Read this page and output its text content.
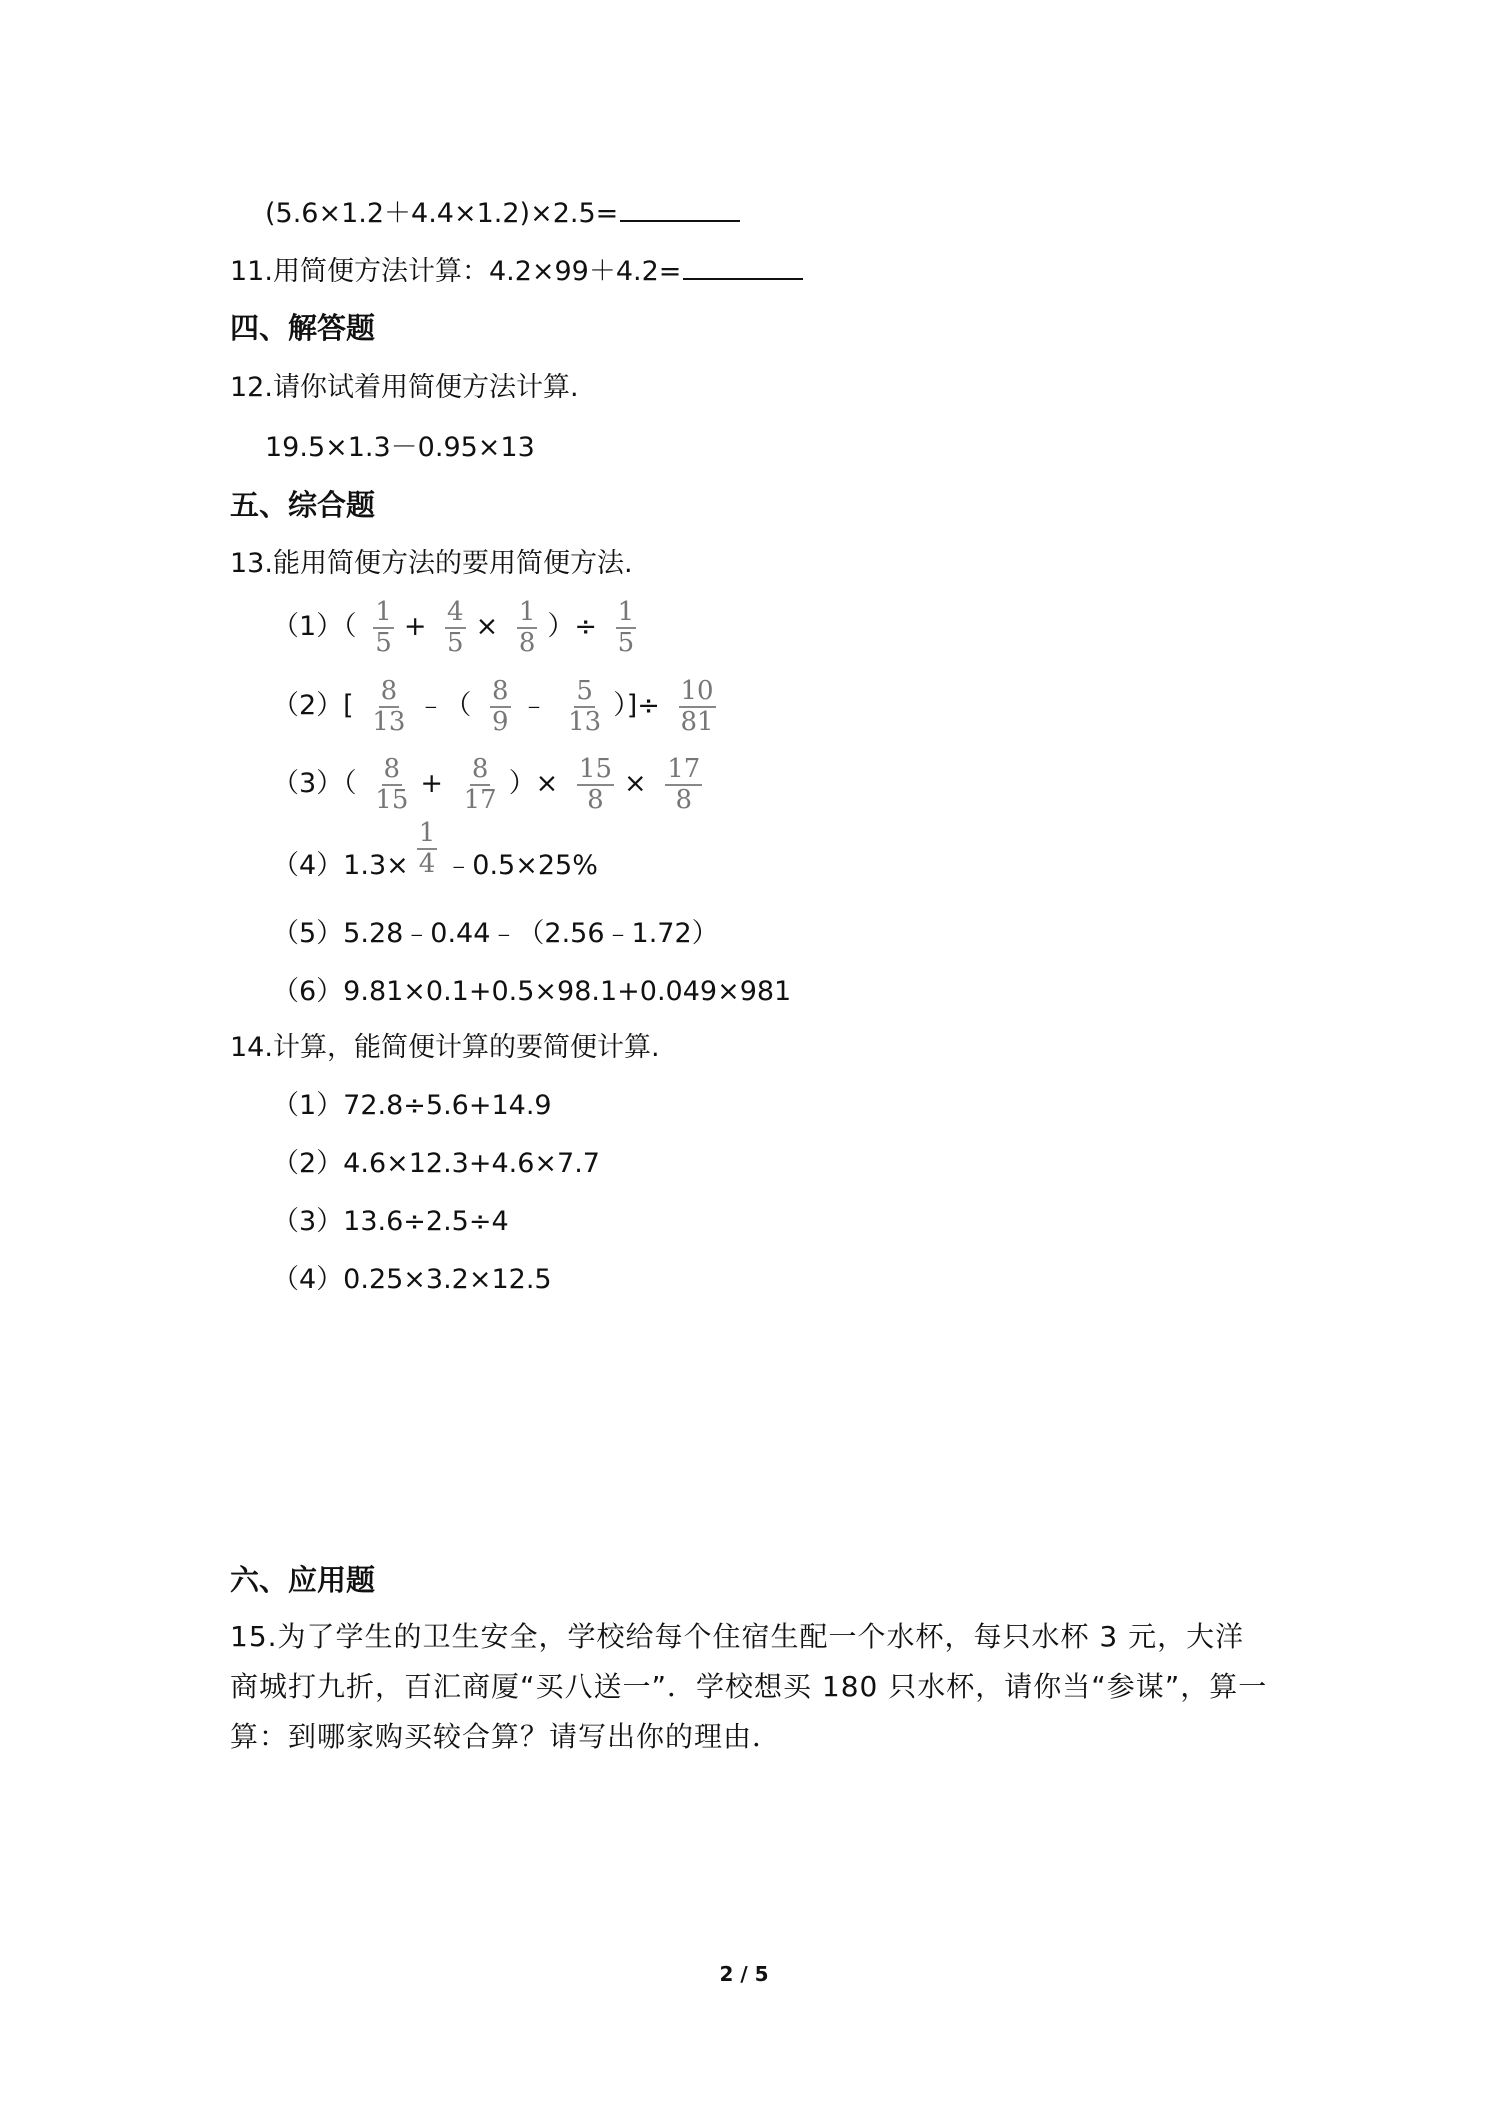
(5.6×1.2＋4.4×1.2)×2.5=
11.用简便方法计算：4.2×99＋4.2=
四、解答题
12.请你试着用简便方法计算.
19.5×1.3－0.95×13
五、综合题
13.能用简便方法的要用简便方法.
$(1)( \frac{1}{5} + \frac{4}{5} \times \frac{1}{8}$ ）÷ $\frac{1}{5}$
$(2)[ \frac{8}{13}$ ﹣（ $\frac{8}{9}$ ﹣ $\frac{5}{13}$ ）]÷ $\frac{10}{81}$
$(3)( \frac{8}{15} + \frac{8}{17}$ ）× $\frac{15}{8} \times \frac{17}{8}$
$(4)1.3\times \frac{1}{4}$ ﹣0.5×25%
（5）5.28﹣0.44﹣（2.56﹣1.72）
（6）9.81×0.1+0.5×98.1+0.049×981
14.计算，能简便计算的要简便计算.
（1）72.8÷5.6+14.9
（2）4.6×12.3+4.6×7.7
（3）13.6÷2.5÷4
（4）0.25×3.2×12.5
六、应用题

15.为了学生的卫生安全，学校给每个住宿生配一个水杯，每只水杯 3 元，大洋

商城打九折，百汇商厦“买八送一”．学校想买 180 只水杯，请你当“参谋”，算一

算：到哪家购买较合算？请写出你的理由．

2 / 5
